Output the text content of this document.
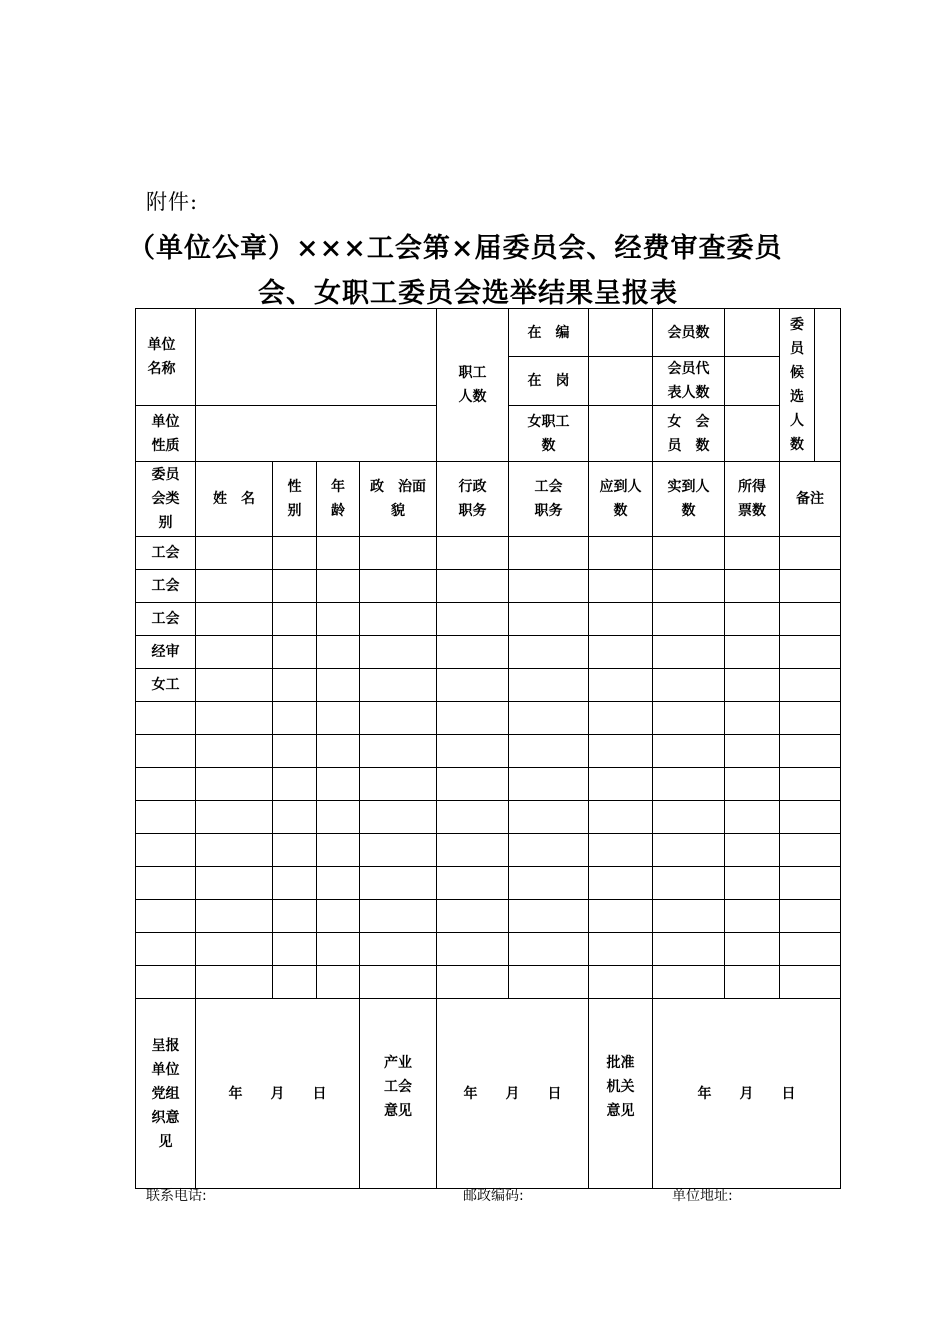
附件:
（单位公章）×××工会第×届委员会、经费审查委员
会、女职工委员会选举结果呈报表
单位名称					职工人数	在　编		会员数		委员候选人数	

						在　岗		会员代表人数			

单位性质						女职工数		女　会　员　数			

委员会类别	姓　名	性别	年龄	政　治面　貌	行政职务	工会职务	应到人数	实到人数	所得票数	备注	
工会											
工会											
工会											
经审											
女工											

呈报单位党组织意见	年　　月　　日			产业工会意见	年　　月　　日		批准机关意见	年　　月　　日			
联系电话:	邮政编码:	单位地址:
